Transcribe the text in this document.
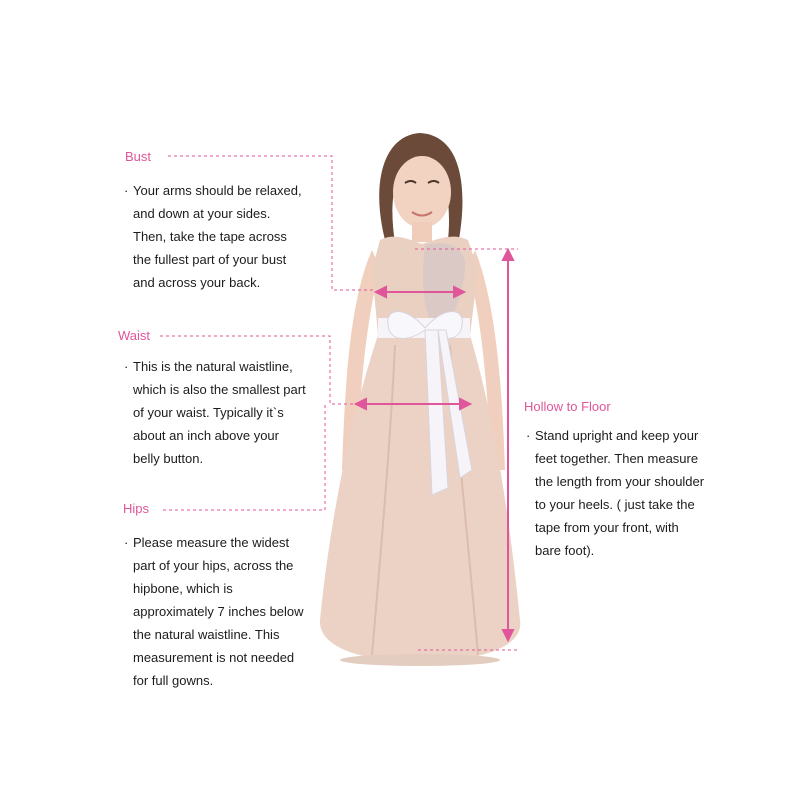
Bust
· Your arms should be relaxed,
and down at your sides.
Then, take the tape across
the fullest part of your bust
and across your back.
Waist
· This is the natural waistline,
which is also the smallest part
of your waist. Typically it`s
about an inch above your
belly button.
Hips
· Please measure the widest
part of your hips, across the
hipbone, which is
approximately 7 inches below
the natural waistline. This
measurement is not needed
for full gowns.
Hollow to Floor
· Stand upright and keep your
feet together. Then measure
the length from your shoulder
to your heels. ( just take the
tape from your front, with
bare foot).
